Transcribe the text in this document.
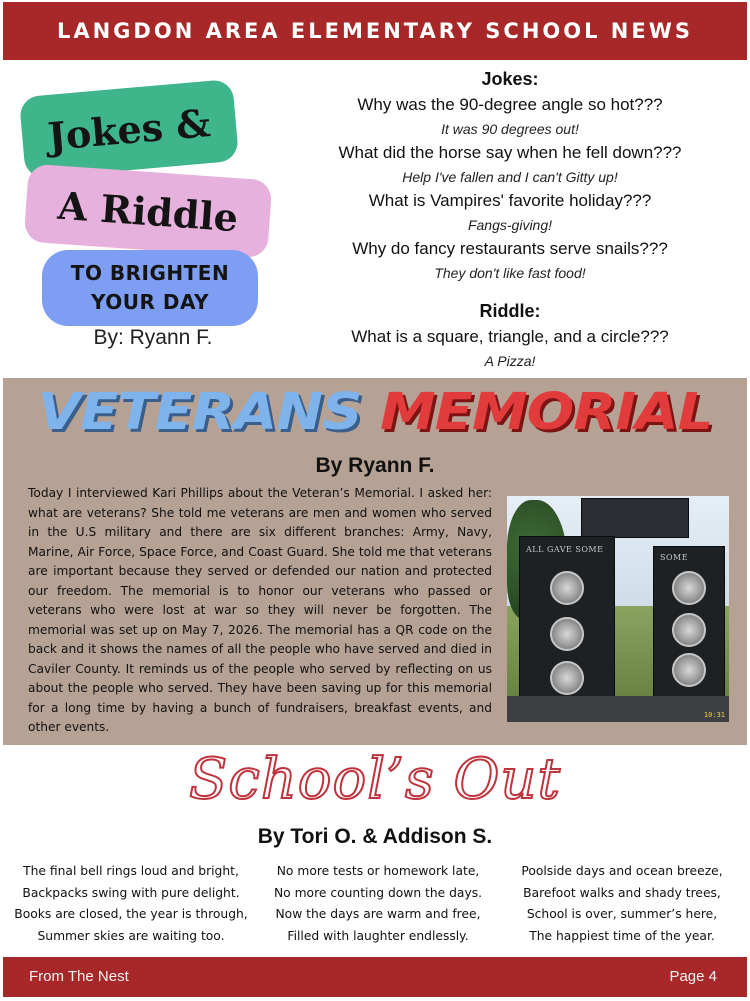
LANGDON AREA ELEMENTARY SCHOOL NEWS
Jokes &
A Riddle
TO BRIGHTEN
YOUR DAY
By: Ryann F.
Jokes:
Why was the 90-degree angle so hot???
It was 90 degrees out!
What did the horse say when he fell down???
Help I've fallen and I can't Gitty up!
What is Vampires' favorite holiday???
Fangs-giving!
Why do fancy restaurants serve snails???
They don't like fast food!
Riddle:
What is a square, triangle, and a circle???
A Pizza!
VETERANS MEMORIAL
By Ryann F.
Today I interviewed Kari Phillips about the Veteran’s Memorial. I asked her: what are veterans? She told me veterans are men and women who served in the U.S military and there are six different branches: Army, Navy, Marine, Air Force, Space Force, and Coast Guard. She told me that veterans are important because they served or defended our nation and protected our freedom. The memorial is to honor our veterans who passed or veterans who were lost at war so they will never be forgotten. The memorial was set up on May 7, 2026. The memorial has a QR code on the back and it shows the names of all the people who have served and died in Caviler County. It reminds us of the people who served by reflecting on us about the people who served. They have been saving up for this memorial for a long time by having a bunch of fundraisers, breakfast events, and other events.
ALL GAVE SOME
SOME
10:31
School’s Out
By Tori O. & Addison S.
The final bell rings loud and bright,
Backpacks swing with pure delight.
Books are closed, the year is through,
Summer skies are waiting too.
No more tests or homework late,
No more counting down the days.
Now the days are warm and free,
Filled with laughter endlessly.
Poolside days and ocean breeze,
Barefoot walks and shady trees,
School is over, summer’s here,
The happiest time of the year.
From The Nest	Page 4
